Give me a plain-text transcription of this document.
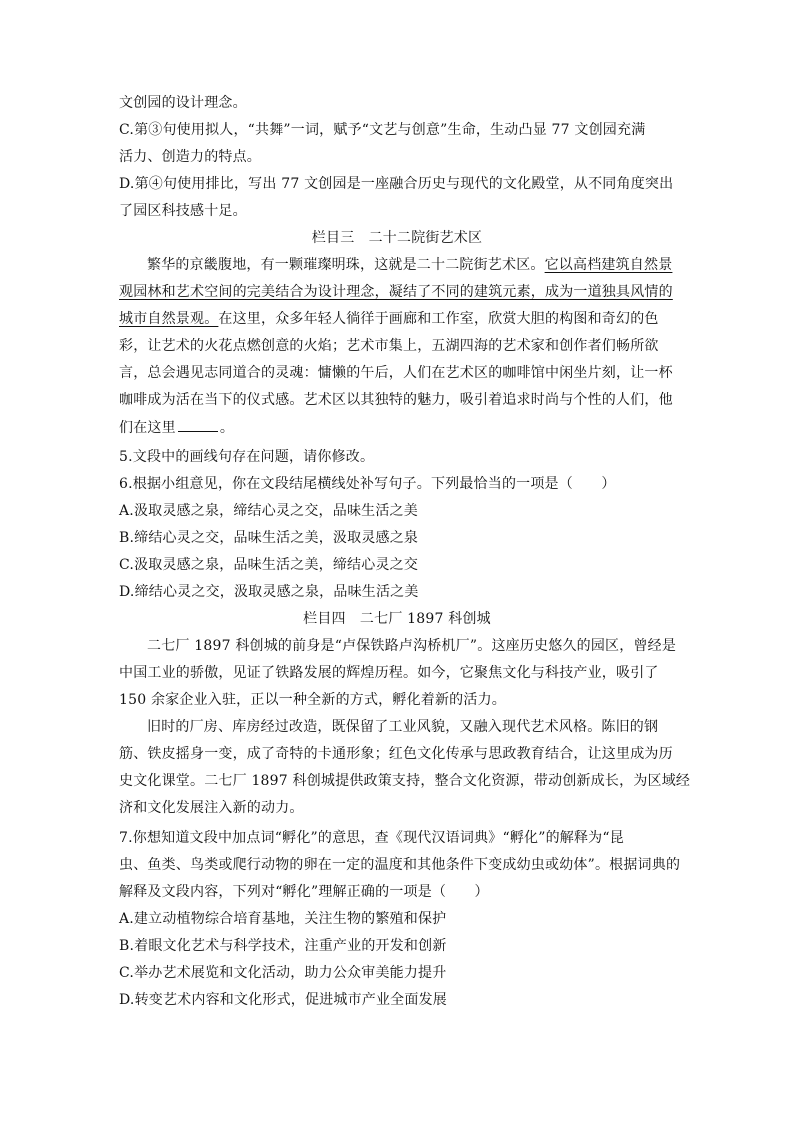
文创园的设计理念。
C.第③句使用拟人，“共舞”一词，赋予“文艺与创意”生命，生动凸显 77 文创园充满
活力、创造力的特点。
D.第④句使用排比，写出 77 文创园是一座融合历史与现代的文化殿堂，从不同角度突出
了园区科技感十足。
栏目三　二十二院街艺术区
繁华的京畿腹地，有一颗璀璨明珠，这就是二十二院街艺术区。它以高档建筑自然景
观园林和艺术空间的完美结合为设计理念，凝结了不同的建筑元素，成为一道独具风情的
城市自然景观。在这里，众多年轻人徜徉于画廊和工作室，欣赏大胆的构图和奇幻的色
彩，让艺术的火花点燃创意的火焰；艺术市集上，五湖四海的艺术家和创作者们畅所欲
言，总会遇见志同道合的灵魂：慵懒的午后，人们在艺术区的咖啡馆中闲坐片刻，让一杯
咖啡成为活在当下的仪式感。艺术区以其独特的魅力，吸引着追求时尚与个性的人们，他
们在这里	。
5.文段中的画线句存在问题，请你修改。
6.根据小组意见，你在文段结尾横线处补写句子。下列最恰当的一项是（　　）
A.汲取灵感之泉，缔结心灵之交，品味生活之美
B.缔结心灵之交，品味生活之美，汲取灵感之泉
C.汲取灵感之泉，品味生活之美，缔结心灵之交
D.缔结心灵之交，汲取灵感之泉，品味生活之美
栏目四　二七厂 1897 科创城
二七厂 1897 科创城的前身是“卢保铁路卢沟桥机厂”。这座历史悠久的园区，曾经是
中国工业的骄傲，见证了铁路发展的辉煌历程。如今，它聚焦文化与科技产业，吸引了
150 余家企业入驻，正以一种全新的方式，孵化着新的活力。
旧时的厂房、库房经过改造，既保留了工业风貌，又融入现代艺术风格。陈旧的钢
筋、铁皮摇身一变，成了奇特的卡通形象；红色文化传承与思政教育结合，让这里成为历
史文化课堂。二七厂 1897 科创城提供政策支持，整合文化资源，带动创新成长，为区域经
济和文化发展注入新的动力。
7.你想知道文段中加点词“孵化”的意思，查《现代汉语词典》“孵化”的解释为“昆
虫、鱼类、鸟类或爬行动物的卵在一定的温度和其他条件下变成幼虫或幼体”。根据词典的
解释及文段内容，下列对“孵化”理解正确的一项是（　　）
A.建立动植物综合培育基地，关注生物的繁殖和保护
B.着眼文化艺术与科学技术，注重产业的开发和创新
C.举办艺术展览和文化活动，助力公众审美能力提升
D.转变艺术内容和文化形式，促进城市产业全面发展
